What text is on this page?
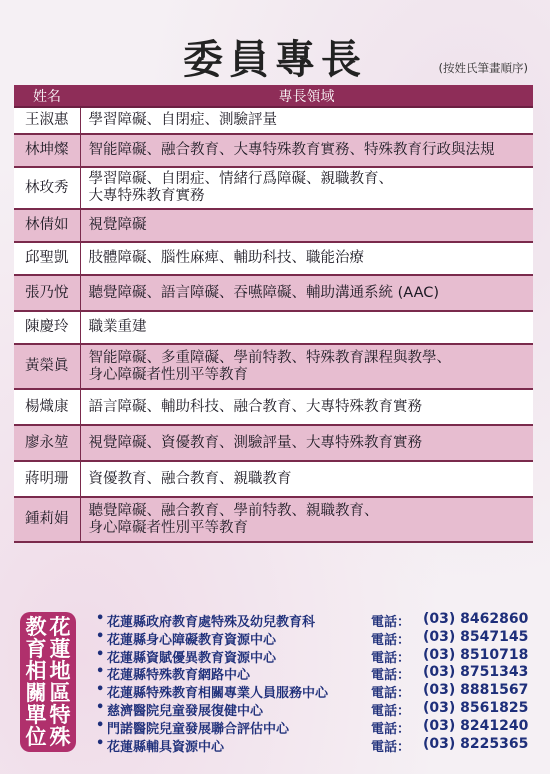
委員專長	(按姓氏筆畫順序)
姓名	專長領域
王淑惠	學習障礙、自閉症、測驗評量

林坤燦	智能障礙、融合教育、大專特殊教育實務、特殊教育行政與法規

林玫秀	學習障礙、自閉症、情緒行爲障礙、親職教育、
大專特殊教育實務

林倩如	視覺障礙

邱聖凱	肢體障礙、腦性麻痺、輔助科技、職能治療

張乃悅	聽覺障礙、語言障礙、吞嚥障礙、輔助溝通系統 (AAC)

陳慶玲	職業重建

黃榮眞	智能障礙、多重障礙、學前特教、特殊教育課程與教學、
身心障礙者性別平等教育

楊熾康	語言障礙、輔助科技、融合教育、大專特殊教育實務

廖永堃	視覺障礙、資優教育、測驗評量、大專特殊教育實務

蔣明珊	資優教育、融合教育、親職教育

鍾莉娟	聽覺障礙、融合教育、學前特教、親職教育、
身心障礙者性別平等教育
花
蓮
地
區
特
殊
教
育
相
關
單
位
• 花蓮縣政府教育處特殊及幼兒教育科	電話： (03) 8462860
• 花蓮縣身心障礙教育資源中心	電話： (03) 8547145
• 花蓮縣資賦優異教育資源中心	電話： (03) 8510718
• 花蓮縣特殊教育網路中心	電話： (03) 8751343
• 花蓮縣特殊教育相關專業人員服務中心	電話： (03) 8881567
• 慈濟醫院兒童發展復健中心	電話： (03) 8561825
• 門諾醫院兒童發展聯合評估中心	電話： (03) 8241240
• 花蓮縣輔具資源中心	電話： (03) 8225365
